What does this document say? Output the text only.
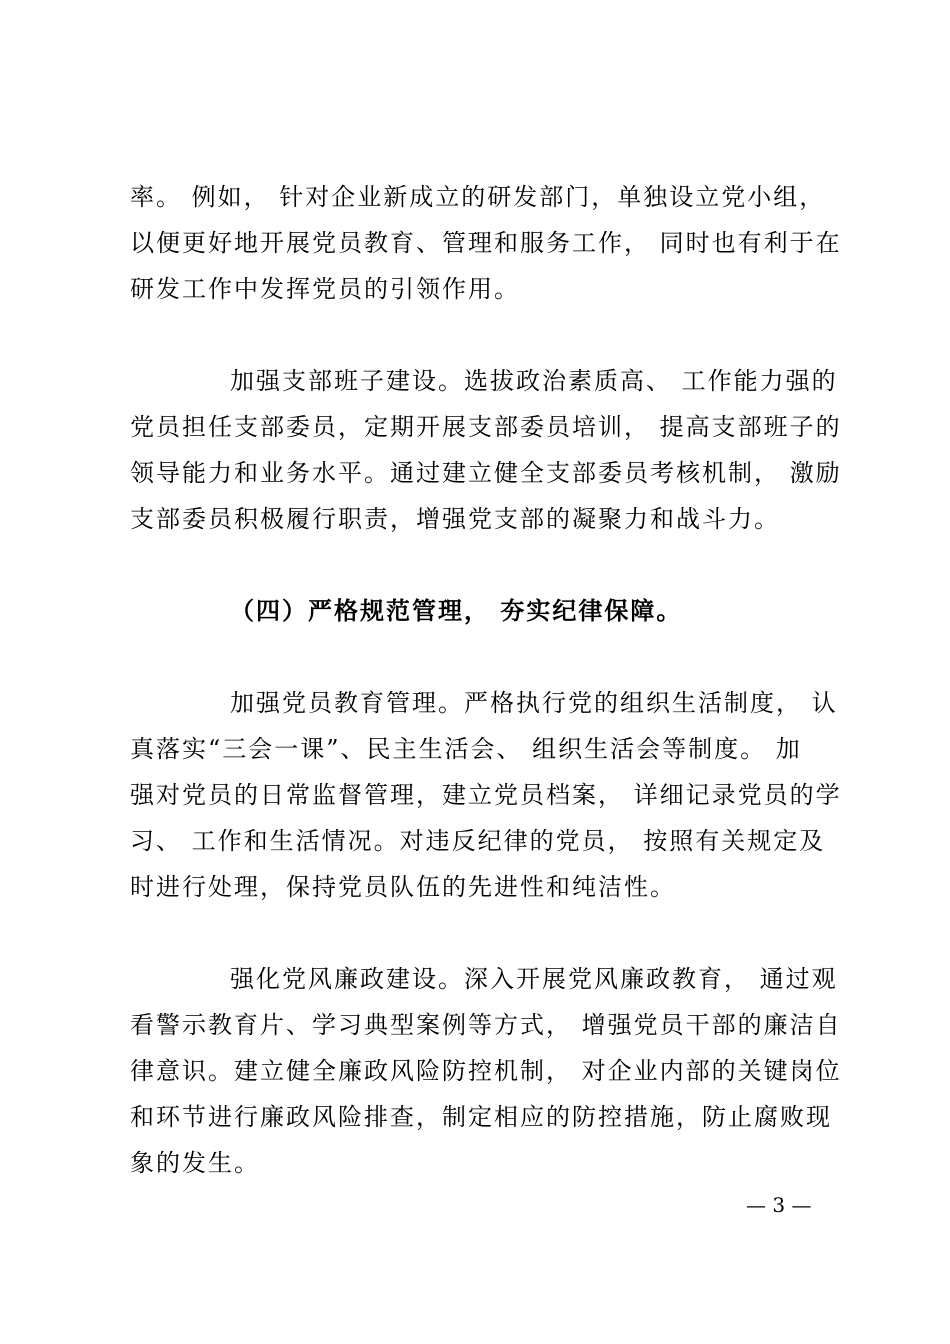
率。 例如， 针对企业新成立的研发部门，单独设立党小组，
以便更好地开展党员教育、管理和服务工作， 同时也有利于在
研发工作中发挥党员的引领作用。
加强支部班子建设。选拔政治素质高、 工作能力强的
党员担任支部委员，定期开展支部委员培训， 提高支部班子的
领导能力和业务水平。通过建立健全支部委员考核机制， 激励
支部委员积极履行职责，增强党支部的凝聚力和战斗力。
（四）严格规范管理， 夯实纪律保障。
加强党员教育管理。严格执行党的组织生活制度， 认
真落实“三会一课”、民主生活会、 组织生活会等制度。 加
强对党员的日常监督管理，建立党员档案， 详细记录党员的学
习、 工作和生活情况。对违反纪律的党员， 按照有关规定及
时进行处理，保持党员队伍的先进性和纯洁性。
强化党风廉政建设。深入开展党风廉政教育， 通过观
看警示教育片、学习典型案例等方式， 增强党员干部的廉洁自
律意识。建立健全廉政风险防控机制， 对企业内部的关键岗位
和环节进行廉政风险排查，制定相应的防控措施，防止腐败现
象的发生。
— 3 —
